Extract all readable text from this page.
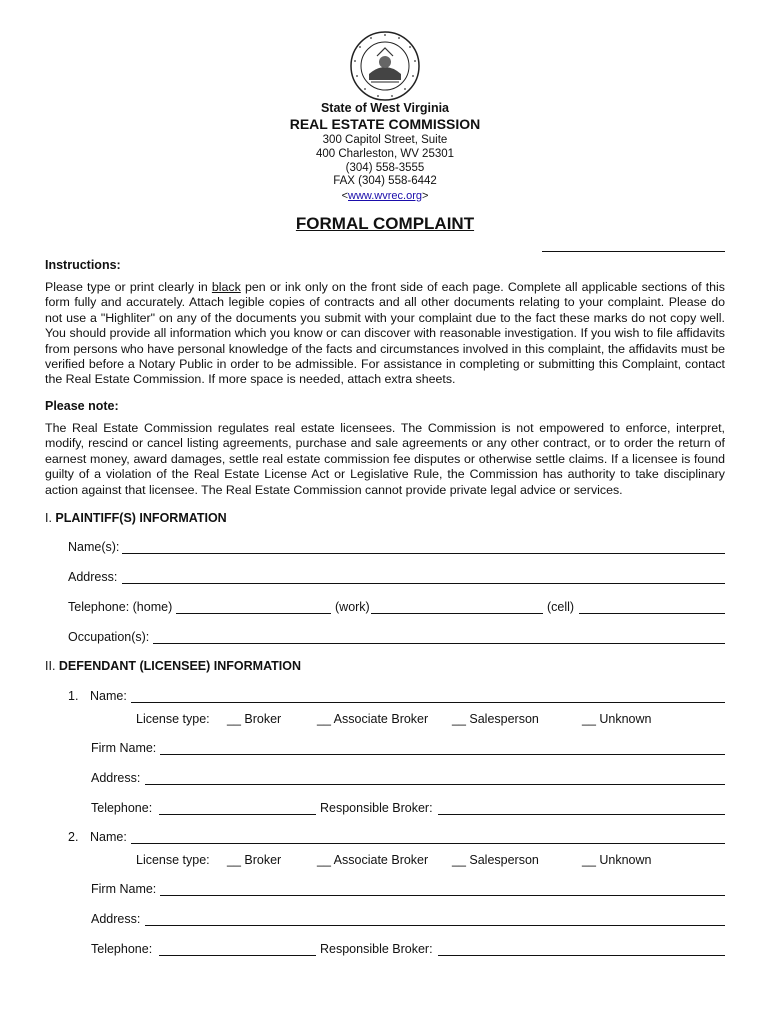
State of West Virginia
REAL ESTATE COMMISSION
300 Capitol Street, Suite
400 Charleston, WV 25301
(304) 558-3555
FAX (304) 558-6442
<www.wvrec.org>
FORMAL COMPLAINT
Instructions:
Please type or print clearly in black pen or ink only on the front side of each page. Complete all applicable sections of this form fully and accurately. Attach legible copies of contracts and all other documents relating to your complaint. Please do not use a "Highliter" on any of the documents you submit with your complaint due to the fact these marks do not copy well. You should provide all information which you know or can discover with reasonable investigation. If you wish to file affidavits from persons who have personal knowledge of the facts and circumstances involved in this complaint, the affidavits must be verified before a Notary Public in order to be admissible. For assistance in completing or submitting this Complaint, contact the Real Estate Commission. If more space is needed, attach extra sheets.
Please note:
The Real Estate Commission regulates real estate licensees. The Commission is not empowered to enforce, interpret, modify, rescind or cancel listing agreements, purchase and sale agreements or any other contract, or to order the return of earnest money, award damages, settle real estate commission fee disputes or otherwise settle claims. If a licensee is found guilty of a violation of the Real Estate License Act or Legislative Rule, the Commission has authority to take disciplinary action against that licensee. The Real Estate Commission cannot provide private legal advice or services.
I. PLAINTIFF(S) INFORMATION
Name(s):
Address:
Telephone: (home)	(work)	(cell)
Occupation(s):
II. DEFENDANT (LICENSEE) INFORMATION
1. Name:
License type: __ Broker	__ Associate Broker __ Salesperson	__ Unknown
Firm Name:
Address:
Telephone:	Responsible Broker:
2. Name:
License type: __ Broker	__ Associate Broker __ Salesperson	__ Unknown
Firm Name:
Address:
Telephone:	Responsible Broker:
